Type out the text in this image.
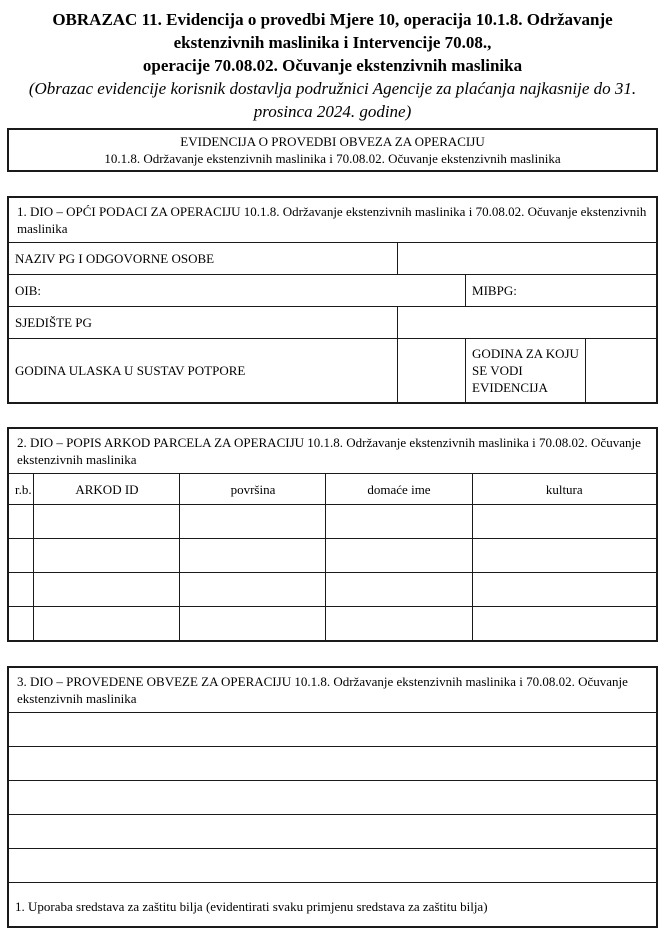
OBRAZAC 11. Evidencija o provedbi Mjere 10, operacija 10.1.8. Održavanje ekstenzivnih maslinika i Intervencije 70.08.,
operacije 70.08.02. Očuvanje ekstenzivnih maslinika

(Obrazac evidencije korisnik dostavlja podružnici Agencije za plaćanja najkasnije do 31. prosinca 2024. godine)

EVIDENCIJA O PROVEDBI OBVEZA ZA OPERACIJU
10.1.8. Održavanje ekstenzivnih maslinika i 70.08.02. Očuvanje ekstenzivnih maslinika
1. DIO – OPĆI PODACI ZA OPERACIJU 10.1.8. Održavanje ekstenzivnih maslinika i 70.08.02. Očuvanje ekstenzivnih maslinika			
NAZIV PG I ODGOVORNE OSOBE			
OIB:		MIBPG:	
SJEDIŠTE PG			
GODINA ULASKA U SUSTAV POTPORE		GODINA ZA KOJU SE VODI EVIDENCIJA	
2. DIO – POPIS ARKOD PARCELA ZA OPERACIJU 10.1.8. Održavanje ekstenzivnih maslinika i 70.08.02. Očuvanje ekstenzivnih maslinika				
r.b.	ARKOD ID	površina	domaće ime	kultura

3. DIO – PROVEDENE OBVEZE ZA OPERACIJU 10.1.8. Održavanje ekstenzivnih maslinika i 70.08.02. Očuvanje ekstenzivnih maslinika

1. Uporaba sredstava za zaštitu bilja (evidentirati svaku primjenu sredstava za zaštitu bilja)
